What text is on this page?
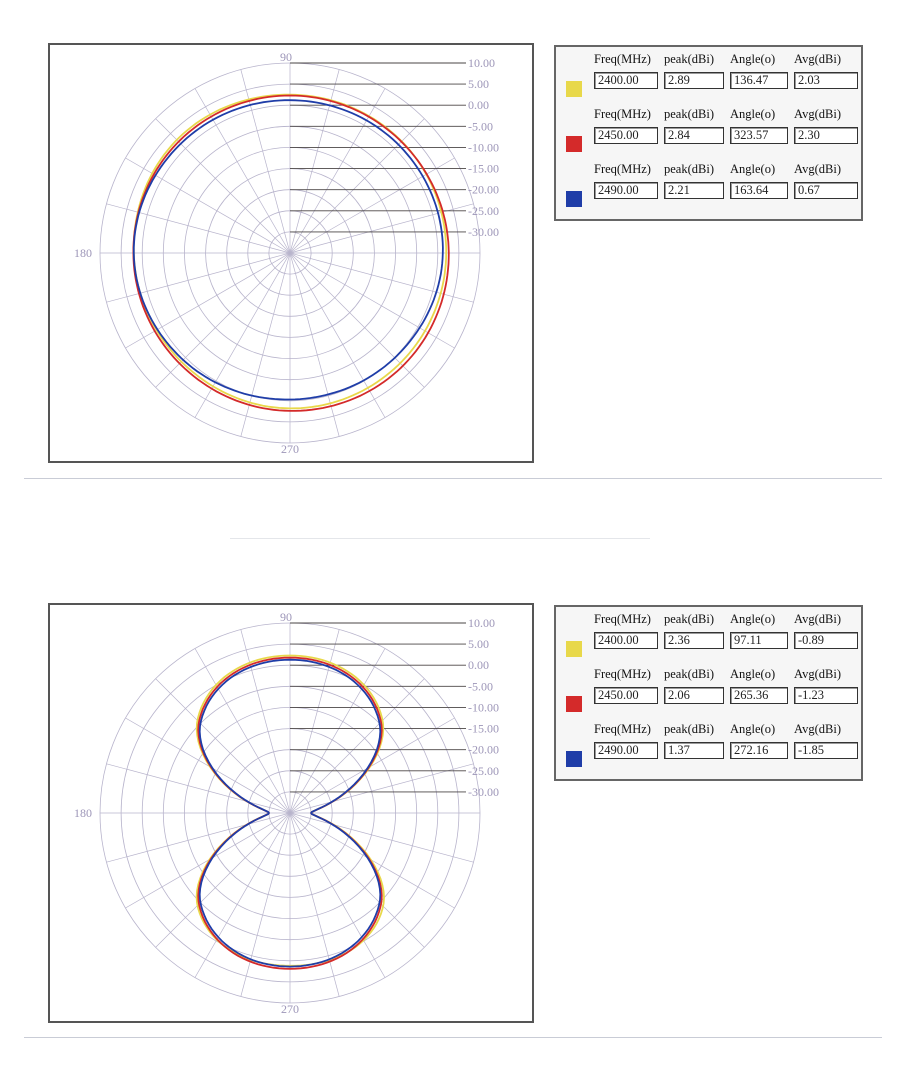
10.00
5.00
0.00
-5.00
-10.00
-15.00
-20.00
-25.00
-30.00
90
180
270
Freq(MHz)	peak(dBi)	Angle(o)	Avg(dBi)
2400.00	2.89	136.47	2.03
Freq(MHz)	peak(dBi)	Angle(o)	Avg(dBi)
2450.00	2.84	323.57	2.30
Freq(MHz)	peak(dBi)	Angle(o)	Avg(dBi)
2490.00	2.21	163.64	0.67
10.00
5.00
0.00
-5.00
-10.00
-15.00
-20.00
-25.00
-30.00
90
180
270
Freq(MHz)	peak(dBi)	Angle(o)	Avg(dBi)
2400.00	2.36	97.11	-0.89
Freq(MHz)	peak(dBi)	Angle(o)	Avg(dBi)
2450.00	2.06	265.36	-1.23
Freq(MHz)	peak(dBi)	Angle(o)	Avg(dBi)
2490.00	1.37	272.16	-1.85
